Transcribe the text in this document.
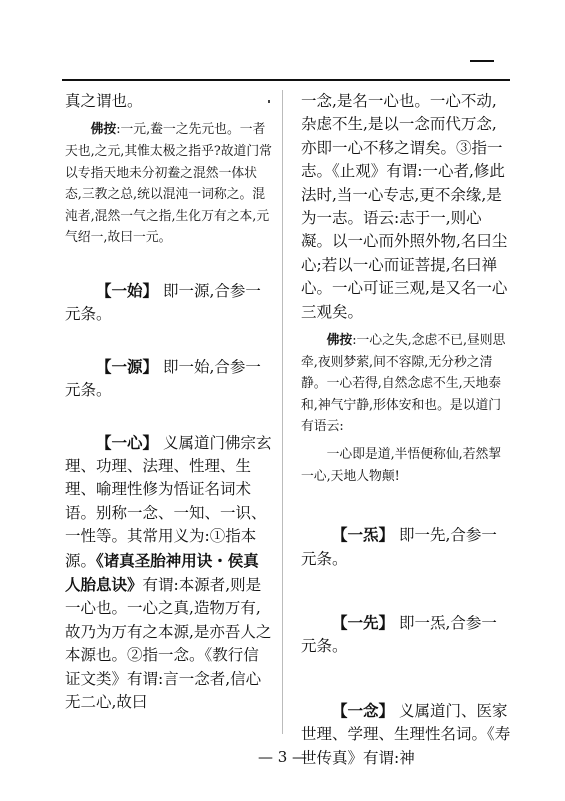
真之谓也。

佛按:一元,鲞一之先元也。一者天也,之元,其惟太极之指乎?故道门常以专指天地未分初鲞之混然一体状态,三教之总,统以混沌一词称之。混沌者,混然一气之指,生化万有之本,元气绍一,故曰一元。

【一始】 即一源,合参一元条。

【一源】 即一始,合参一元条。

【一心】 义属道门佛宗玄理、功理、法理、性理、生理、喻理性修为悟证名词术语。别称一念、一知、一识、一性等。其常用义为:①指本源。《诸真圣胎神用诀・侯真人胎息诀》有谓:本源者,则是一心也。一心之真,造物万有,故乃为万有之本源,是亦吾人之本源也。②指一念。《教行信证文类》有谓:言一念者,信心无二心,故曰

一念,是名一心也。一心不动,杂虑不生,是以一念而代万念,亦即一心不移之谓矣。③指一志。《止观》有谓:一心者,修此法时,当一心专志,更不余缘,是为一志。语云:志于一,则心凝。以一心而外照外物,名曰尘心;若以一心而证菩提,名曰禅心。一心可证三观,是又名一心三观矣。

佛按:一心之失,念虑不已,昼则思牵,夜则梦萦,间不容隙,无分秒之清静。一心若得,自然念虑不生,天地泰和,神气宁静,形体安和也。是以道门有语云:

一心即是道,半悟便称仙,若然挈一心,天地人物颠!

【一炁】 即一先,合参一元条。

【一先】 即一炁,合参一元条。

【一念】 义属道门、医家世理、学理、生理性名词。《寿世传真》有谓:神

— 3 —
